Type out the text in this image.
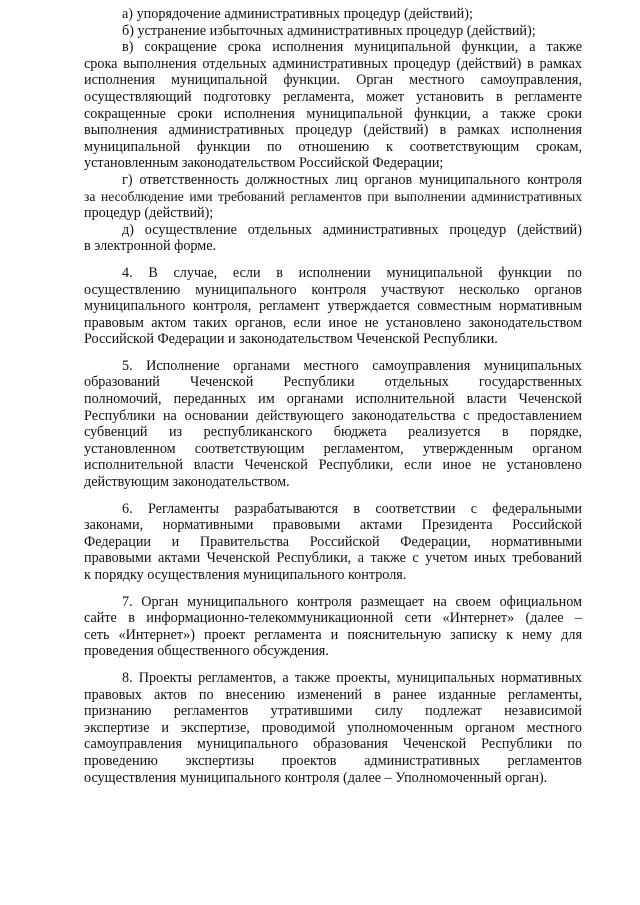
а) упорядочение административных процедур (действий);
б) устранение избыточных административных процедур (действий);
в) сокращение срока исполнения муниципальной функции, а также
срока выполнения отдельных административных процедур (действий) в рамках
исполнения муниципальной функции. Орган местного самоуправления,
осуществляющий подготовку регламента, может установить в регламенте
сокращенные сроки исполнения муниципальной функции, а также сроки
выполнения административных процедур (действий) в рамках исполнения
муниципальной функции по отношению к соответствующим срокам,
установленным законодательством Российской Федерации;
г) ответственность должностных лиц органов муниципального контроля
за несоблюдение ими требований регламентов при выполнении административных
процедур (действий);
д) осуществление отдельных административных процедур (действий)
в электронной форме.
4. В случае, если в исполнении муниципальной функции по
осуществлению муниципального контроля участвуют несколько органов
муниципального контроля, регламент утверждается совместным нормативным
правовым актом таких органов, если иное не установлено законодательством
Российской Федерации и законодательством Чеченской Республики.
5. Исполнение органами местного самоуправления муниципальных
образований Чеченской Республики отдельных государственных
полномочий, переданных им органами исполнительной власти Чеченской
Республики на основании действующего законодательства с предоставлением
субвенций из республиканского бюджета реализуется в порядке,
установленном соответствующим регламентом, утвержденным органом
исполнительной власти Чеченской Республики, если иное не установлено
действующим законодательством.
6. Регламенты разрабатываются в соответствии с федеральными
законами, нормативными правовыми актами Президента Российской
Федерации и Правительства Российской Федерации, нормативными
правовыми актами Чеченской Республики, а также с учетом иных требований
к порядку осуществления муниципального контроля.
7. Орган муниципального контроля размещает на своем официальном
сайте в информационно-телекоммуникационной сети «Интернет» (далее –
сеть «Интернет») проект регламента и пояснительную записку к нему для
проведения общественного обсуждения.
8. Проекты регламентов, а также проекты, муниципальных нормативных
правовых актов по внесению изменений в ранее изданные регламенты,
признанию регламентов утратившими силу подлежат независимой
экспертизе и экспертизе, проводимой уполномоченным органом местного
самоуправления муниципального образования Чеченской Республики по
проведению экспертизы проектов административных регламентов
осуществления муниципального контроля (далее – Уполномоченный орган).
